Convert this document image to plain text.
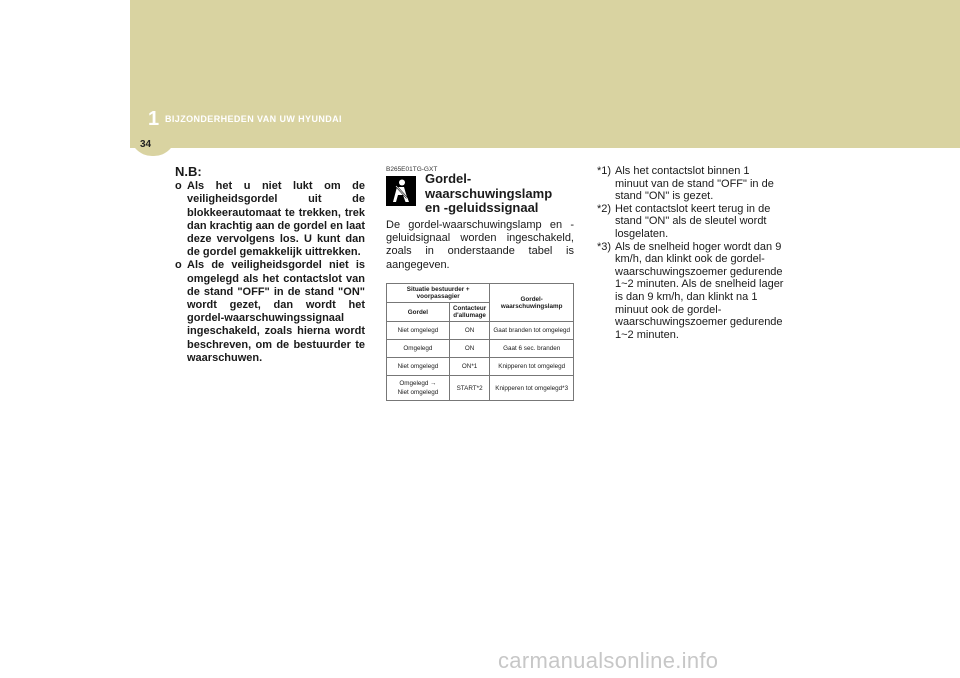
1 BIJZONDERHEDEN VAN UW HYUNDAI
34
N.B:
o Als het u niet lukt om de veiligheidsgordel uit de blokkeerautomaat te trekken, trek dan krachtig aan de gordel en laat deze vervolgens los. U kunt dan de gordel gemakkelijk uittrekken.
o Als de veiligheidsgordel niet is omgelegd als het contactslot van de stand "OFF" in de stand "ON" wordt gezet, dan wordt het gordel-waarschuwingssignaal ingeschakeld, zoals hierna wordt beschreven, om de bestuurder te waarschuwen.
B265E01TG-GXT
Gordel-
waarschuwingslamp
en -geluidssignaal
De gordel-waarschuwingslamp en -geluidsignaal worden ingeschakeld, zoals in onderstaande tabel is aangegeven.
Situatie bestuurder + voorpassagier		Gordel-waarschuwingslamp
Gordel	Contacteur d'allumage	
Niet omgelegd	ON	Gaat branden tot omgelegd
Omgelegd	ON	Gaat 6 sec. branden
Niet omgelegd	ON*1	Knipperen tot omgelegd
Omgelegd →
Niet omgelegd	START*2	Knipperen tot omgelegd*3
*1) Als het contactslot binnen 1 minuut van de stand "OFF" in de stand "ON" is gezet.
*2) Het contactslot keert terug in de stand "ON" als de sleutel wordt losgelaten.
*3) Als de snelheid hoger wordt dan 9 km/h, dan klinkt ook de gordel-waarschuwingszoemer gedurende 1~2 minuten. Als de snelheid lager is dan 9 km/h, dan klinkt na 1 minuut ook de gordel-waarschuwingszoemer gedurende 1~2 minuten.
carmanualsonline.info
